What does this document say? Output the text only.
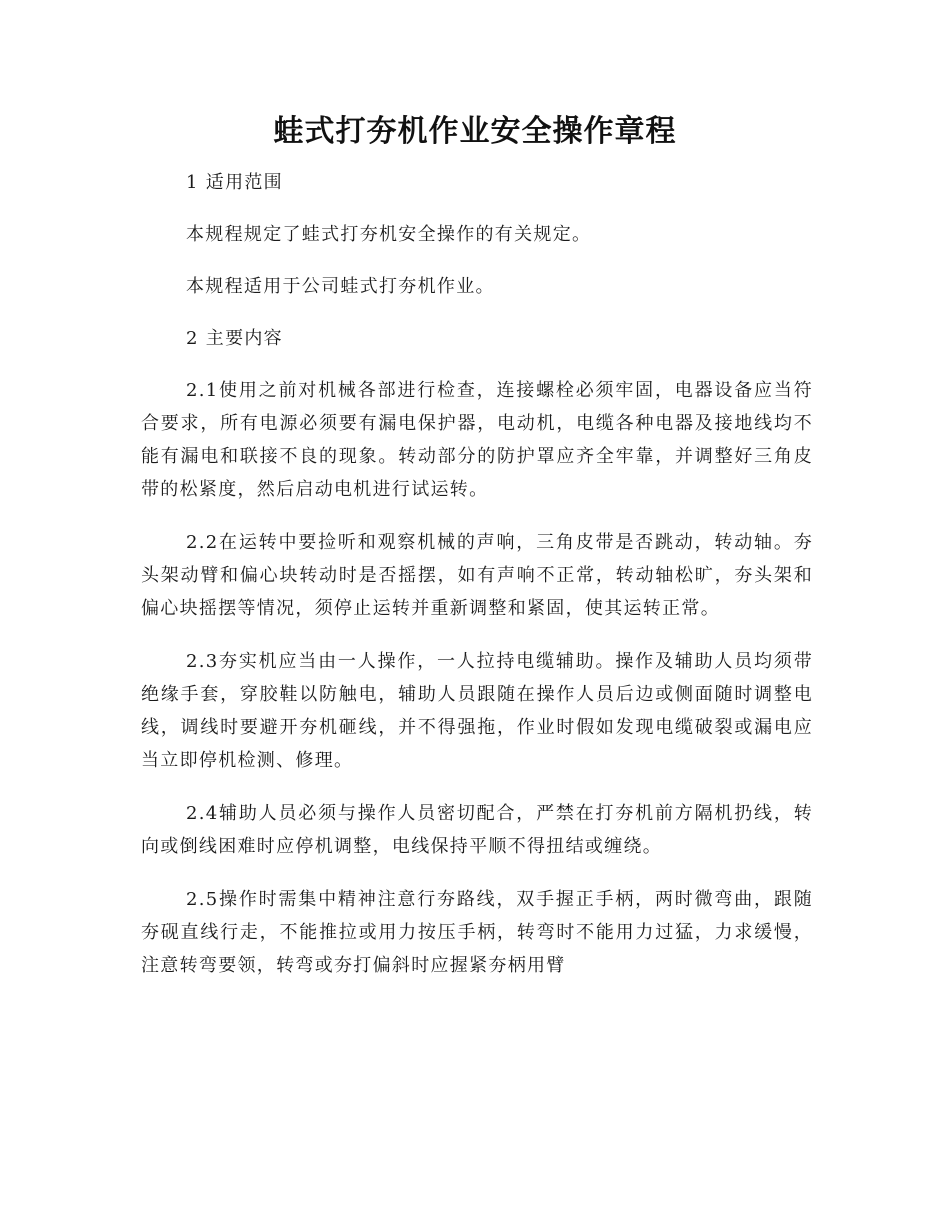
蛙式打夯机作业安全操作章程

1 适用范围

本规程规定了蛙式打夯机安全操作的有关规定。

本规程适用于公司蛙式打夯机作业。

2 主要内容

2.1使用之前对机械各部进行检查，连接螺栓必须牢固，电器设备应当符合要求，所有电源必须要有漏电保护器，电动机，电缆各种电器及接地线均不能有漏电和联接不良的现象。转动部分的防护罩应齐全牢靠，并调整好三角皮带的松紧度，然后启动电机进行试运转。

2.2在运转中要捡听和观察机械的声响，三角皮带是否跳动，转动轴。夯头架动臂和偏心块转动时是否摇摆，如有声响不正常，转动轴松旷，夯头架和偏心块摇摆等情况，须停止运转并重新调整和紧固，使其运转正常。

2.3夯实机应当由一人操作，一人拉持电缆辅助。操作及辅助人员均须带绝缘手套，穿胶鞋以防触电，辅助人员跟随在操作人员后边或侧面随时调整电线，调线时要避开夯机砸线，并不得强拖，作业时假如发现电缆破裂或漏电应当立即停机检测、修理。

2.4辅助人员必须与操作人员密切配合，严禁在打夯机前方隔机扔线，转向或倒线困难时应停机调整，电线保持平顺不得扭结或缠绕。

2.5操作时需集中精神注意行夯路线，双手握正手柄，两时微弯曲，跟随夯砚直线行走，不能推拉或用力按压手柄，转弯时不能用力过猛，力求缓慢，注意转弯要领，转弯或夯打偏斜时应握紧夯柄用臂
